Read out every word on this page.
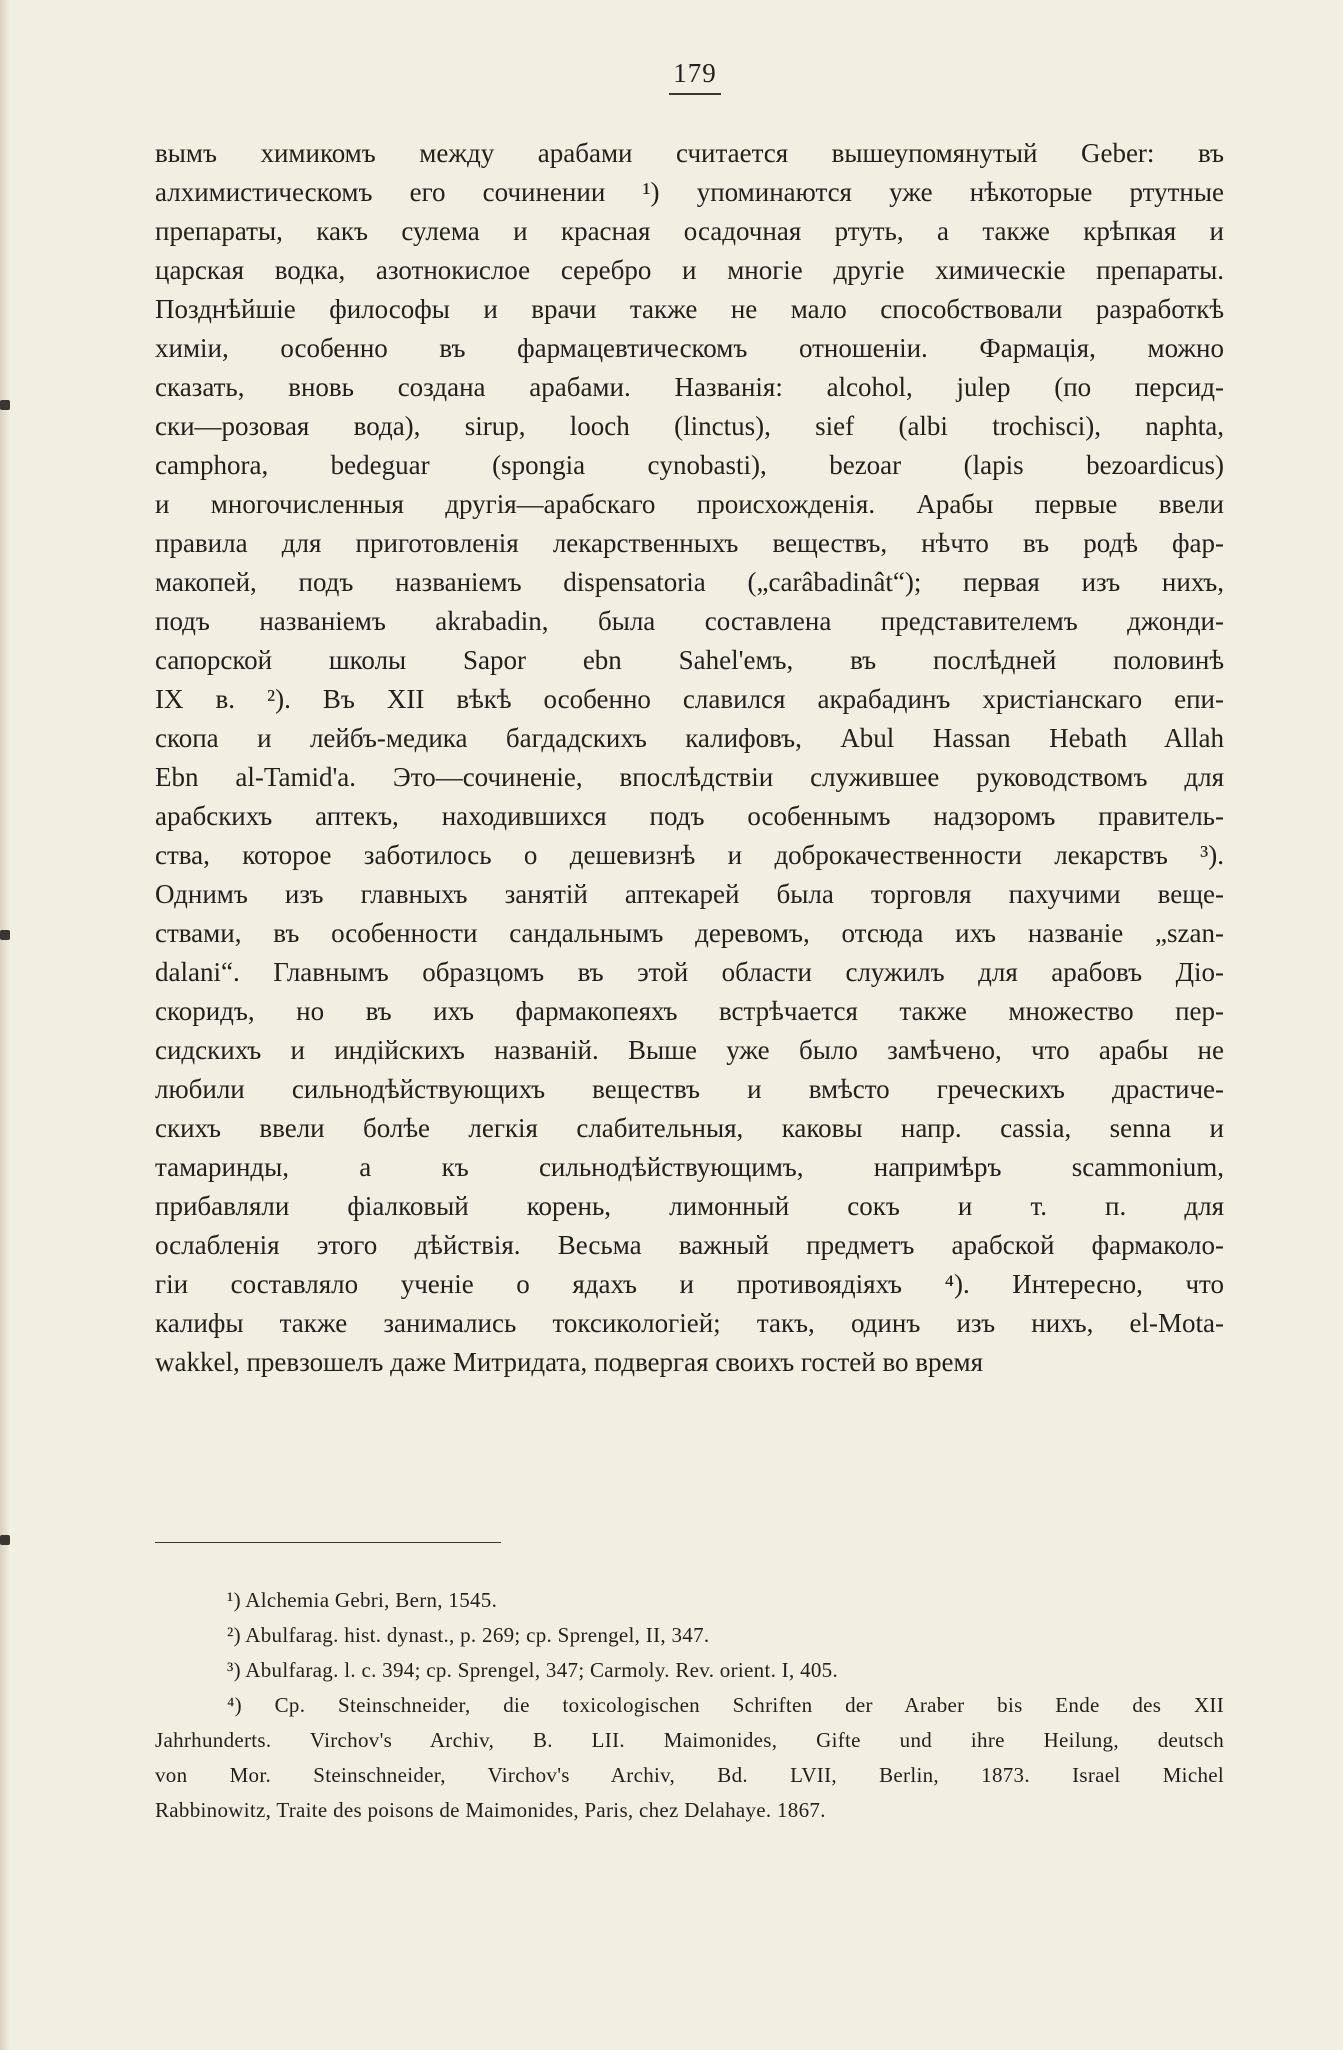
179
вымъ химикомъ между арабами считается вышеупомянутый Geber: въ
алхимистическомъ его сочинении ¹) упоминаются уже нѣкоторые ртутные
препараты, какъ сулема и красная осадочная ртуть, а также крѣпкая и
царская водка, азотнокислое серебро и многіе другіе химическіе препараты.
Позднѣйшіе философы и врачи также не мало способствовали разработкѣ
химіи, особенно въ фармацевтическомъ отношеніи. Фармація, можно
сказать, вновь создана арабами. Названія: alcohol, julep (по персид-
ски—розовая вода), sirup, looch (linctus), sief (albi trochisci), naphta,
camphora, bedeguar (spongia cynobasti), bezoar (lapis bezoardicus)
и многочисленныя другія—арабскаго происхожденія. Арабы первые ввели
правила для приготовленія лекарственныхъ веществъ, нѣчто въ родѣ фар-
макопей, подъ названіемъ dispensatoria („carâbadinât“); первая изъ нихъ,
подъ названіемъ akrabadin, была составлена представителемъ джонди-
сапорской школы Sapor ebn Sahel'емъ, въ послѣдней половинѣ
IX в. ²). Въ XII вѣкѣ особенно славился акрабадинъ христіанскаго епи-
скопа и лейбъ-медика багдадскихъ калифовъ, Abul Hassan Hebath Allah
Ebn al-Tamid'а. Это—сочиненіе, впослѣдствіи служившее руководствомъ для
арабскихъ аптекъ, находившихся подъ особеннымъ надзоромъ правитель-
ства, которое заботилось о дешевизнѣ и доброкачественности лекарствъ ³).
Однимъ изъ главныхъ занятій аптекарей была торговля пахучими веще-
ствами, въ особенности сандальнымъ деревомъ, отсюда ихъ названіе „szan-
dalani“. Главнымъ образцомъ въ этой области служилъ для арабовъ Діо-
скоридъ, но въ ихъ фармакопеяхъ встрѣчается также множество пер-
сидскихъ и индійскихъ названій. Выше уже было замѣчено, что арабы не
любили сильнодѣйствующихъ веществъ и вмѣсто греческихъ драстиче-
скихъ ввели болѣе легкія слабительныя, каковы напр. cassia, senna и
тамаринды, а къ сильнодѣйствующимъ, напримѣръ scammonium,
прибавляли фіалковый корень, лимонный сокъ и т. п. для
ослабленія этого дѣйствія. Весьма важный предметъ арабской фармаколо-
гіи составляло ученіе о ядахъ и противоядіяхъ ⁴). Интересно, что
калифы также занимались токсикологіей; такъ, одинъ изъ нихъ, el-Mota-
wakkel, превзошелъ даже Митридата, подвергая своихъ гостей во время
¹) Alchemia Gebri, Bern, 1545.
²) Abulfarag. hist. dynast., p. 269; cp. Sprengel, II, 347.
³) Abulfarag. l. c. 394; cp. Sprengel, 347; Carmoly. Rev. orient. I, 405.
⁴) Cp. Steinschneider, die toxicologischen Schriften der Araber bis Ende des XII
Jahrhunderts. Virchov's Archiv, B. LII. Maimonides, Gifte und ihre Heilung, deutsch
von Mor. Steinschneider, Virchov's Archiv, Bd. LVII, Berlin, 1873. Israel Michel
Rabbinowitz, Traite des poisons de Maimonides, Paris, chez Delahaye. 1867.
